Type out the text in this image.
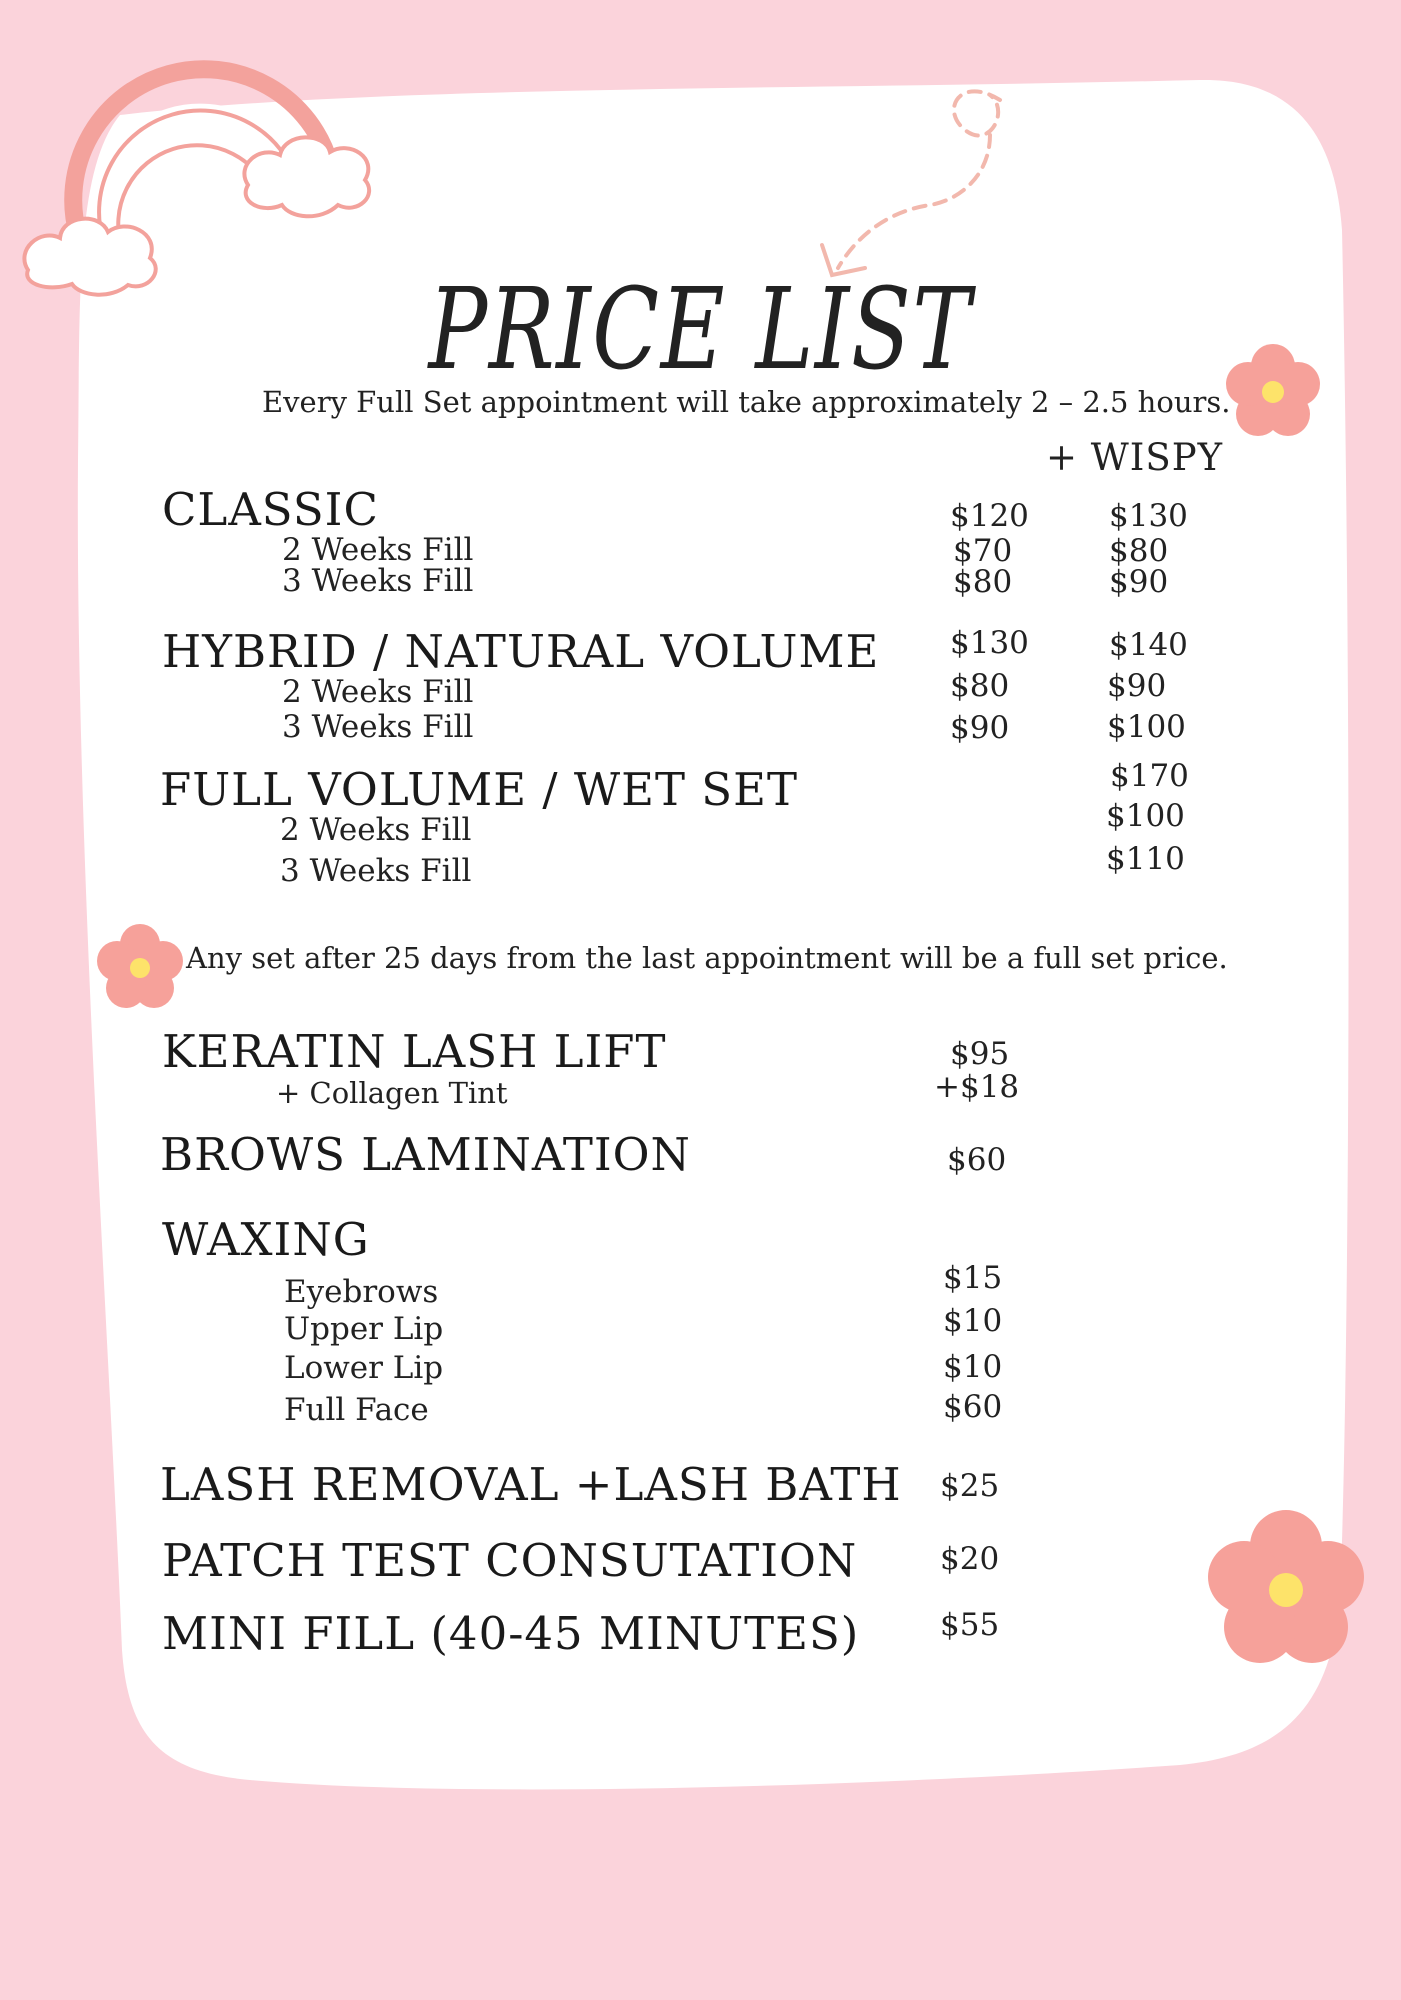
PRICE LIST
Every Full Set appointment will take approximately 2 – 2.5 hours.
+ WISPY
CLASSIC	$120	$130
2 Weeks Fill	$70	$80
3 Weeks Fill	$80	$90
HYBRID / NATURAL VOLUME $130	$140
2 Weeks Fill	$80	$90
3 Weeks Fill	$90	$100
FULL VOLUME / WET SET	$170
2 Weeks Fill	$100
3 Weeks Fill	$110
Any set after 25 days from the last appointment will be a full set price.
KERATIN LASH LIFT	$95
+ Collagen Tint	+$18
BROWS LAMINATION	$60
WAXING
Eyebrows	$15
Upper Lip	$10
Lower Lip	$10
Full Face	$60
LASH REMOVAL +LASH BATH $25
PATCH TEST CONSUTATION	$20
MINI FILL (40-45 MINUTES)	$55
